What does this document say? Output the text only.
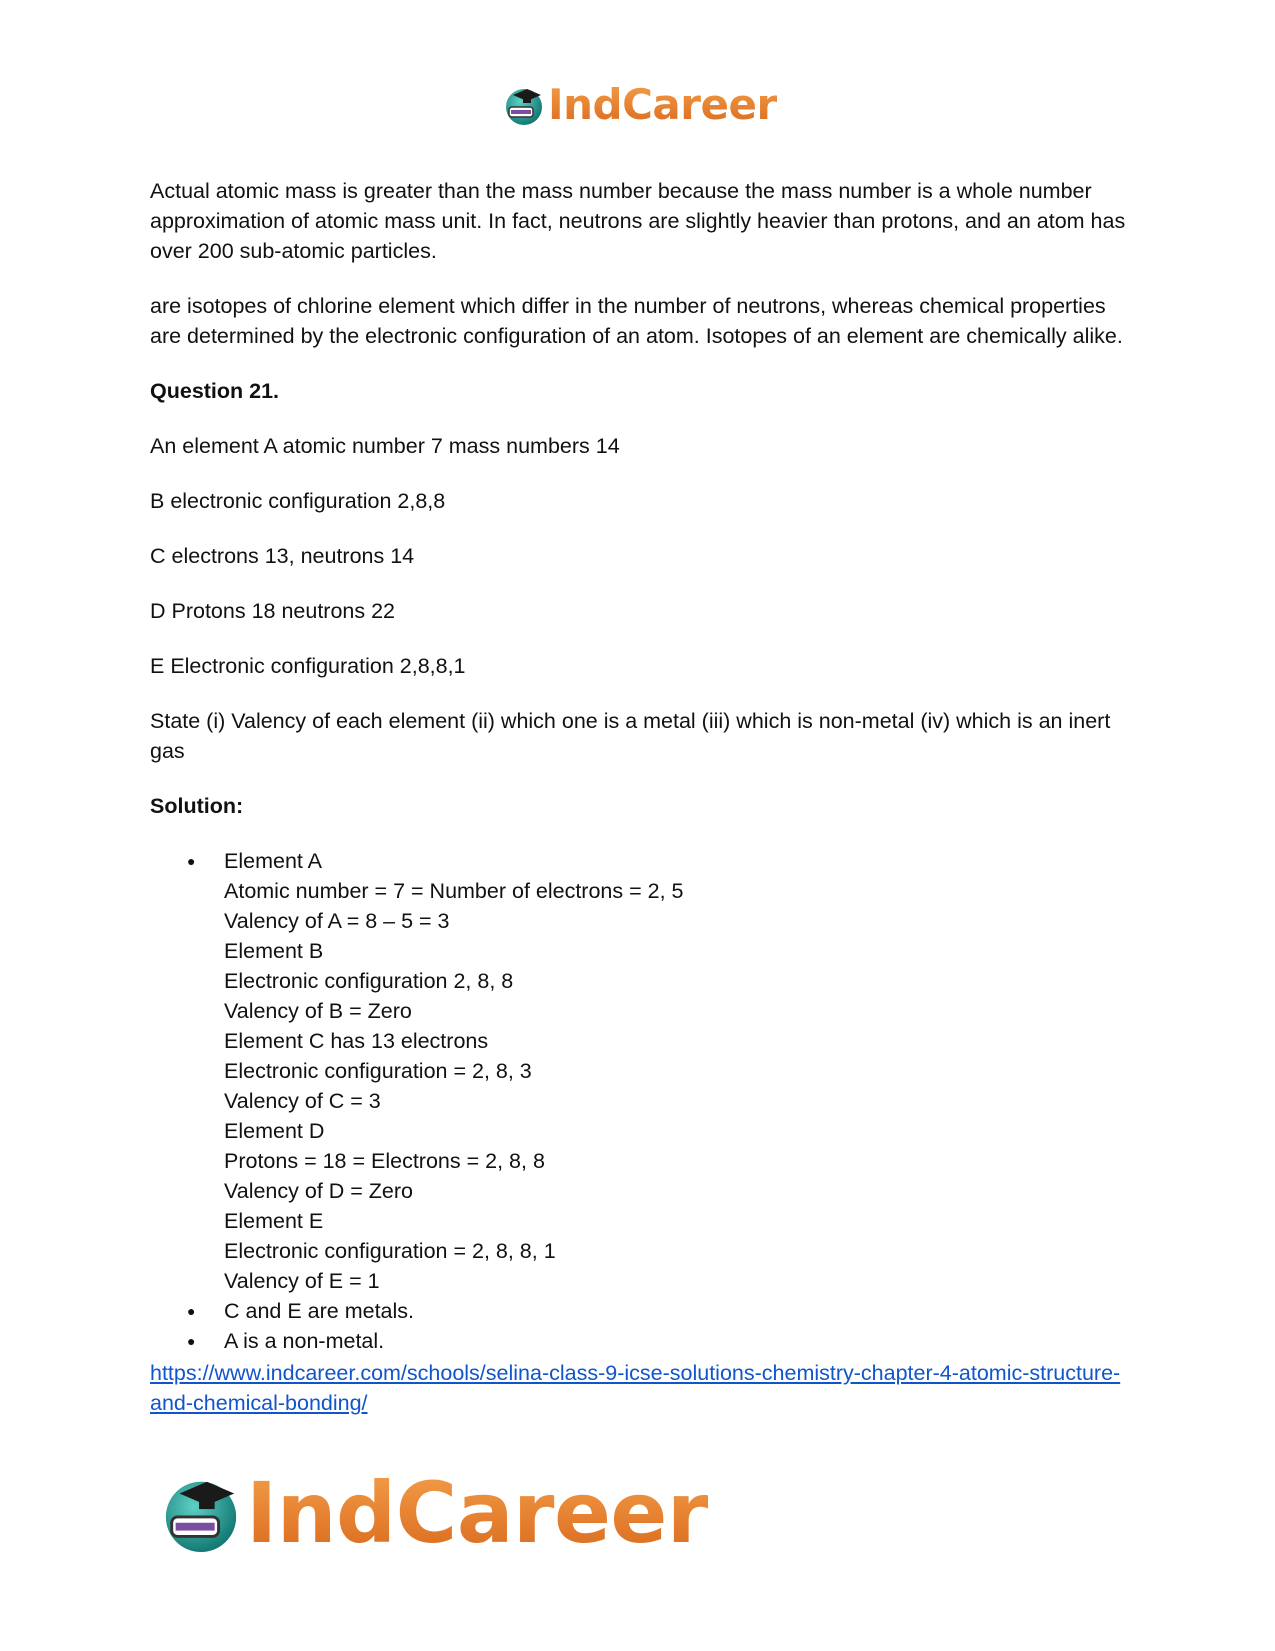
IndCareer

Actual atomic mass is greater than the mass number because the mass number is a whole number approximation of atomic mass unit. In fact, neutrons are slightly heavier than protons, and an atom has over 200 sub-atomic particles.

are isotopes of chlorine element which differ in the number of neutrons, whereas chemical properties are determined by the electronic configuration of an atom. Isotopes of an element are chemically alike.

Question 21.

An element A atomic number 7 mass numbers 14

B electronic configuration 2,8,8

C electrons 13, neutrons 14

D Protons 18 neutrons 22

E Electronic configuration 2,8,8,1

State (i) Valency of each element (ii) which one is a metal (iii) which is non-metal (iv) which is an inert gas

Solution:

● Element A
Atomic number = 7 = Number of electrons = 2, 5
Valency of A = 8 – 5 = 3
Element B
Electronic configuration 2, 8, 8
Valency of B = Zero
Element C has 13 electrons
Electronic configuration = 2, 8, 3
Valency of C = 3
Element D
Protons = 18 = Electrons = 2, 8, 8
Valency of D = Zero
Element E
Electronic configuration = 2, 8, 8, 1
Valency of E = 1
● C and E are metals.
● A is a non-metal.
https://www.indcareer.com/schools/selina-class-9-icse-solutions-chemistry-chapter-4-atomic-structure-and-chemical-bonding/
IndCareer
